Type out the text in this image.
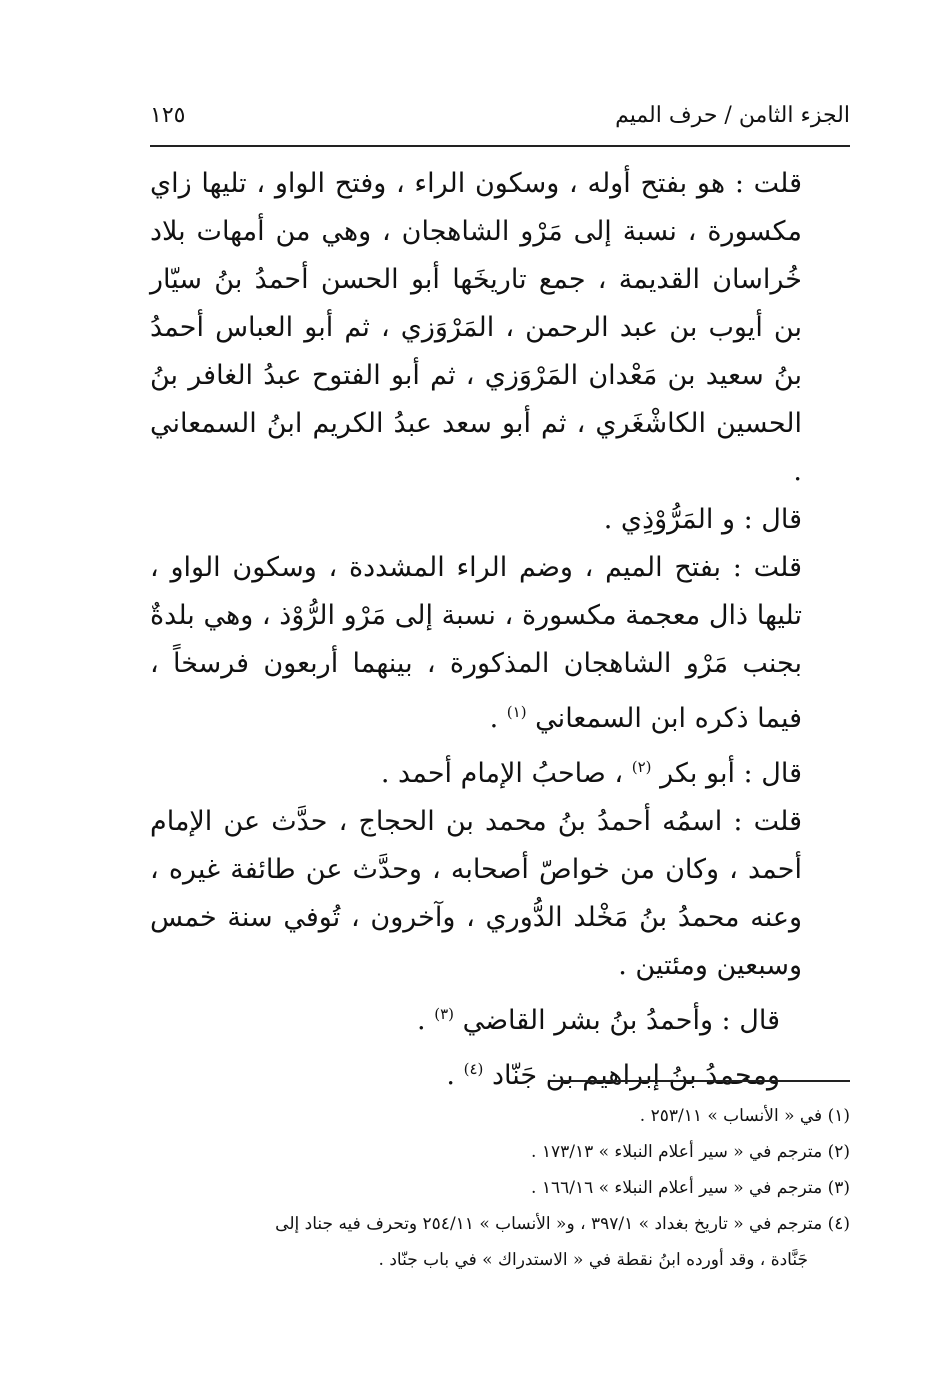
الجزء الثامن / حرف الميم
١٢٥

قلت : هو بفتح أوله ، وسكون الراء ، وفتح الواو ، تليها زاي مكسورة ، نسبة إلى مَرْو الشاهجان ، وهي من أمهات بلاد خُراسان القديمة ، جمع تاريخَها أبو الحسن أحمدُ بنُ سيّار بن أيوب بن عبد الرحمن ، المَرْوَزي ، ثم أبو العباس أحمدُ بنُ سعيد بن مَعْدان المَرْوَزي ، ثم أبو الفتوح عبدُ الغافر بنُ الحسين الكاشْغَري ، ثم أبو سعد عبدُ الكريم ابنُ السمعاني .

قال : و المَرُّوْذِي .

قلت : بفتح الميم ، وضم الراء المشددة ، وسكون الواو ، تليها ذال معجمة مكسورة ، نسبة إلى مَرْو الرُّوْذ ، وهي بلدةٌ بجنب مَرْو الشاهجان المذكورة ، بينهما أربعون فرسخاً ، فيما ذكره ابن السمعاني $^{(١)}$ .

قال : أبو بكر $^{(٢)}$ ، صاحبُ الإمام أحمد .

قلت : اسمُه أحمدُ بنُ محمد بن الحجاج ، حدَّث عن الإمام أحمد ، وكان من خواصّ أصحابه ، وحدَّث عن طائفة غيره ، وعنه محمدُ بنُ مَخْلد الدُّوري ، وآخرون ، تُوفي سنة خمس وسبعين ومئتين .

قال : وأحمدُ بنُ بشر القاضي $^{(٣)}$ .

ومحمدُ بنُ إبراهيم بن جَنّاد $^{(٤)}$ .

(١) في « الأنساب » ٢٥٣/١١ .

(٢) مترجم في « سير أعلام النبلاء » ١٧٣/١٣ .

(٣) مترجم في « سير أعلام النبلاء » ١٦٦/١٦ .

(٤) مترجم في « تاريخ بغداد » ٣٩٧/١ ، و« الأنساب » ٢٥٤/١١ وتحرف فيه جناد إلى

جَنَّادة ، وقد أورده ابنُ نقطة في « الاستدراك » في باب جنّاد .
